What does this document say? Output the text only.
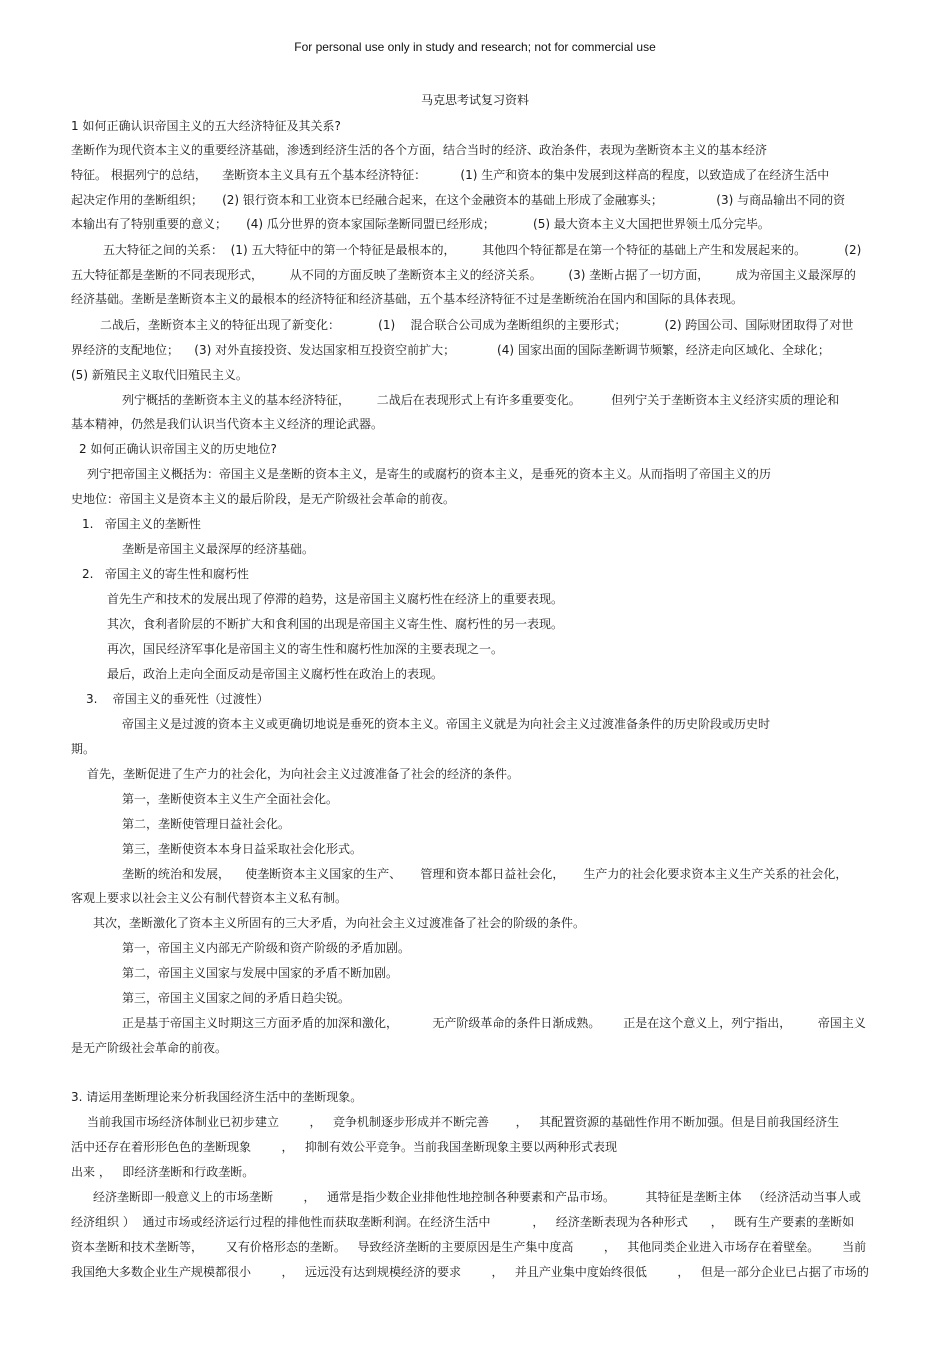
For personal use only in study and research; not for commercial use
马克思考试复习资料
1 如何正确认识帝国主义的五大经济特征及其关系?
垄断作为现代资本主义的重要经济基础，渗透到经济生活的各个方面，结合当时的经济、政治条件，表现为垄断资本主义的基本经济
特征。 根据列宁的总结，    垄断资本主义具有五个基本经济特征：         (1) 生产和资本的集中发展到这样高的程度，以致造成了在经济生活中
起决定作用的垄断组织；     (2) 银行资本和工业资本已经融合起来，在这个金融资本的基础上形成了金融寡头；              (3) 与商品输出不同的资
本输出有了特别重要的意义；     (4) 瓜分世界的资本家国际垄断同盟已经形成；          (5) 最大资本主义大国把世界领土瓜分完毕。
五大特征之间的关系：  (1) 五大特征中的第一个特征是最根本的，       其他四个特征都是在第一个特征的基础上产生和发展起来的。          (2)
五大特征都是垄断的不同表现形式，       从不同的方面反映了垄断资本主义的经济关系。       (3) 垄断占据了一切方面，       成为帝国主义最深厚的
经济基础。垄断是垄断资本主义的最根本的经济特征和经济基础，五个基本经济特征不过是垄断统治在国内和国际的具体表现。
二战后，垄断资本主义的特征出现了新变化：          (1)    混合联合公司成为垄断组织的主要形式；          (2) 跨国公司、国际财团取得了对世
界经济的支配地位；    (3) 对外直接投资、发达国家相互投资空前扩大；           (4) 国家出面的国际垄断调节频繁，经济走向区域化、全球化；
(5) 新殖民主义取代旧殖民主义。
列宁概括的垄断资本主义的基本经济特征，       二战后在表现形式上有许多重要变化。        但列宁关于垄断资本主义经济实质的理论和
基本精神，仍然是我们认识当代资本主义经济的理论武器。
2 如何正确认识帝国主义的历史地位?
列宁把帝国主义概括为：帝国主义是垄断的资本主义，是寄生的或腐朽的资本主义，是垂死的资本主义。从而指明了帝国主义的历
史地位：帝国主义是资本主义的最后阶段，是无产阶级社会革命的前夜。
1.   帝国主义的垄断性
垄断是帝国主义最深厚的经济基础。
2.   帝国主义的寄生性和腐朽性
首先生产和技术的发展出现了停滞的趋势，这是帝国主义腐朽性在经济上的重要表现。
其次，食利者阶层的不断扩大和食利国的出现是帝国主义寄生性、腐朽性的另一表现。
再次，国民经济军事化是帝国主义的寄生性和腐朽性加深的主要表现之一。
最后，政治上走向全面反动是帝国主义腐朽性在政治上的表现。
3.    帝国主义的垂死性（过渡性）
帝国主义是过渡的资本主义或更确切地说是垂死的资本主义。帝国主义就是为向社会主义过渡准备条件的历史阶段或历史时
期。
首先，垄断促进了生产力的社会化，为向社会主义过渡准备了社会的经济的条件。
第一，垄断使资本主义生产全面社会化。
第二，垄断使管理日益社会化。
第三，垄断使资本本身日益采取社会化形式。
垄断的统治和发展，    使垄断资本主义国家的生产、     管理和资本都日益社会化，     生产力的社会化要求资本主义生产关系的社会化，
客观上要求以社会主义公有制代替资本主义私有制。
其次，垄断激化了资本主义所固有的三大矛盾，为向社会主义过渡准备了社会的阶级的条件。
第一，帝国主义内部无产阶级和资产阶级的矛盾加剧。
第二，帝国主义国家与发展中国家的矛盾不断加剧。
第三，帝国主义国家之间的矛盾日趋尖锐。
正是基于帝国主义时期这三方面矛盾的加深和激化，         无产阶级革命的条件日渐成熟。      正是在这个意义上，列宁指出，       帝国主义
是无产阶级社会革命的前夜。
3. 请运用垄断理论来分析我国经济生活中的垄断现象。
当前我国市场经济体制业已初步建立        ，   竞争机制逐步形成并不断完善       ，   其配置资源的基础性作用不断加强。但是目前我国经济生
活中还存在着形形色色的垄断现象        ，   抑制有效公平竞争。当前我国垄断现象主要以两种形式表现
出来 ，   即经济垄断和行政垄断。
经济垄断即一般意义上的市场垄断        ，   通常是指少数企业排他性地控制各种要素和产品市场。        其特征是垄断主体   （经济活动当事人或
经济组织 ）  通过市场或经济运行过程的排他性而获取垄断利润。在经济生活中           ，   经济垄断表现为各种形式      ，   既有生产要素的垄断如
资本垄断和技术垄断等，      又有价格形态的垄断。   导致经济垄断的主要原因是生产集中度高        ，   其他同类企业进入市场存在着壁垒。      当前
我国绝大多数企业生产规模都很小        ，   远远没有达到规模经济的要求        ，   并且产业集中度始终很低        ，   但是一部分企业已占据了市场的
